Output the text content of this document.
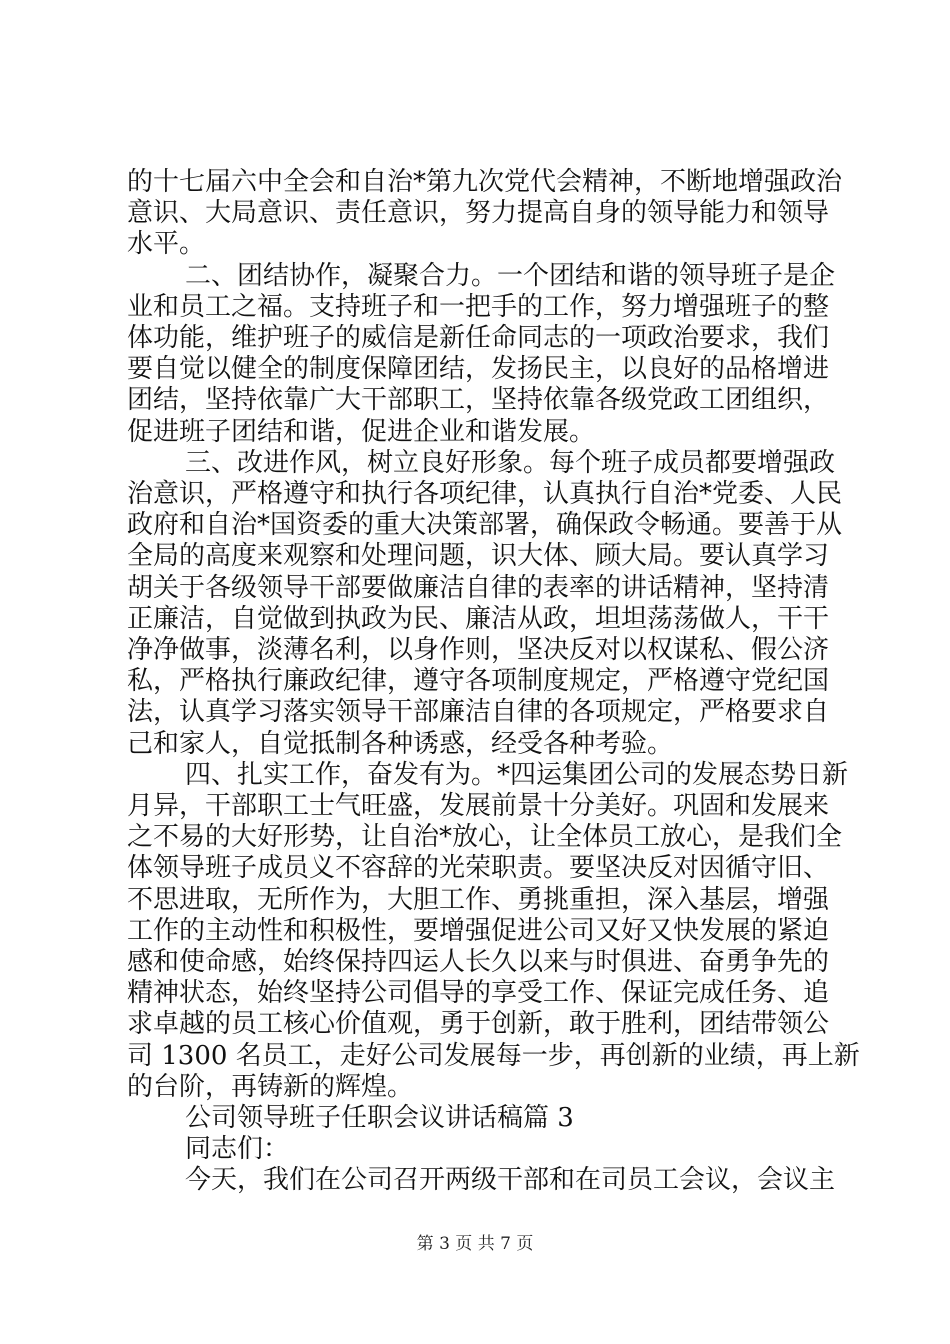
的十七届六中全会和自治*第九次党代会精神，不断地增强政治
意识、大局意识、责任意识，努力提高自身的领导能力和领导
水平。
二、团结协作，凝聚合力。一个团结和谐的领导班子是企
业和员工之福。支持班子和一把手的工作，努力增强班子的整
体功能，维护班子的威信是新任命同志的一项政治要求，我们
要自觉以健全的制度保障团结，发扬民主，以良好的品格增进
团结，坚持依靠广大干部职工，坚持依靠各级党政工团组织，
促进班子团结和谐，促进企业和谐发展。
三、改进作风，树立良好形象。每个班子成员都要增强政
治意识，严格遵守和执行各项纪律，认真执行自治*党委、人民
政府和自治*国资委的重大决策部署，确保政令畅通。要善于从
全局的高度来观察和处理问题，识大体、顾大局。要认真学习
胡关于各级领导干部要做廉洁自律的表率的讲话精神，坚持清
正廉洁，自觉做到执政为民、廉洁从政，坦坦荡荡做人，干干
净净做事，淡薄名利，以身作则，坚决反对以权谋私、假公济
私，严格执行廉政纪律，遵守各项制度规定，严格遵守党纪国
法，认真学习落实领导干部廉洁自律的各项规定，严格要求自
己和家人，自觉抵制各种诱惑，经受各种考验。
四、扎实工作，奋发有为。*四运集团公司的发展态势日新
月异，干部职工士气旺盛，发展前景十分美好。巩固和发展来
之不易的大好形势，让自治*放心，让全体员工放心，是我们全
体领导班子成员义不容辞的光荣职责。要坚决反对因循守旧、
不思进取，无所作为，大胆工作、勇挑重担，深入基层，增强
工作的主动性和积极性，要增强促进公司又好又快发展的紧迫
感和使命感，始终保持四运人长久以来与时俱进、奋勇争先的
精神状态，始终坚持公司倡导的享受工作、保证完成任务、追
求卓越的员工核心价值观，勇于创新，敢于胜利，团结带领公
司 1300 名员工，走好公司发展每一步，再创新的业绩，再上新
的台阶，再铸新的辉煌。
公司领导班子任职会议讲话稿篇 3
同志们：
今天，我们在公司召开两级干部和在司员工会议，会议主
第 3 页 共 7 页
